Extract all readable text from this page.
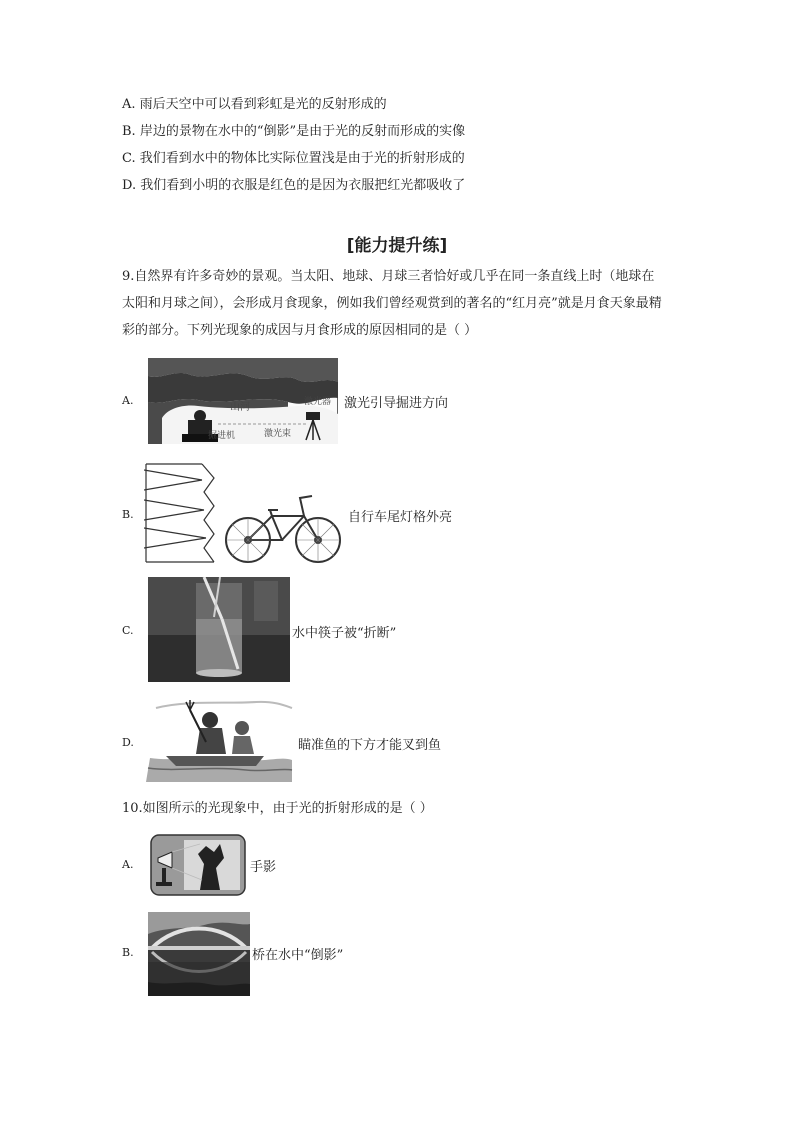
A. 雨后天空中可以看到彩虹是光的反射形成的
B. 岸边的景物在水中的“倒影”是由于光的反射而形成的实像
C. 我们看到水中的物体比实际位置浅是由于光的折射形成的
D. 我们看到小明的衣服是红色的是因为衣服把红光都吸收了
[能力提升练]
9.自然界有许多奇妙的景观。当太阳、地球、月球三者恰好或几乎在同一条直线上时（地球在
太阳和月球之间），会形成月食现象，例如我们曾经观赏到的著名的“红月亮”就是月食天象最精
彩的部分。下列光现象的成因与月食形成的原因相同的是（ ）
A.
山河	激光器
掘进机	激光束
激光引导掘进方向
B.	自行车尾灯格外亮
C.	水中筷子被“折断”
D.	瞄准鱼的下方才能叉到鱼
10.如图所示的光现象中，由于光的折射形成的是（ ）
A.	手影
B.	桥在水中“倒影”
